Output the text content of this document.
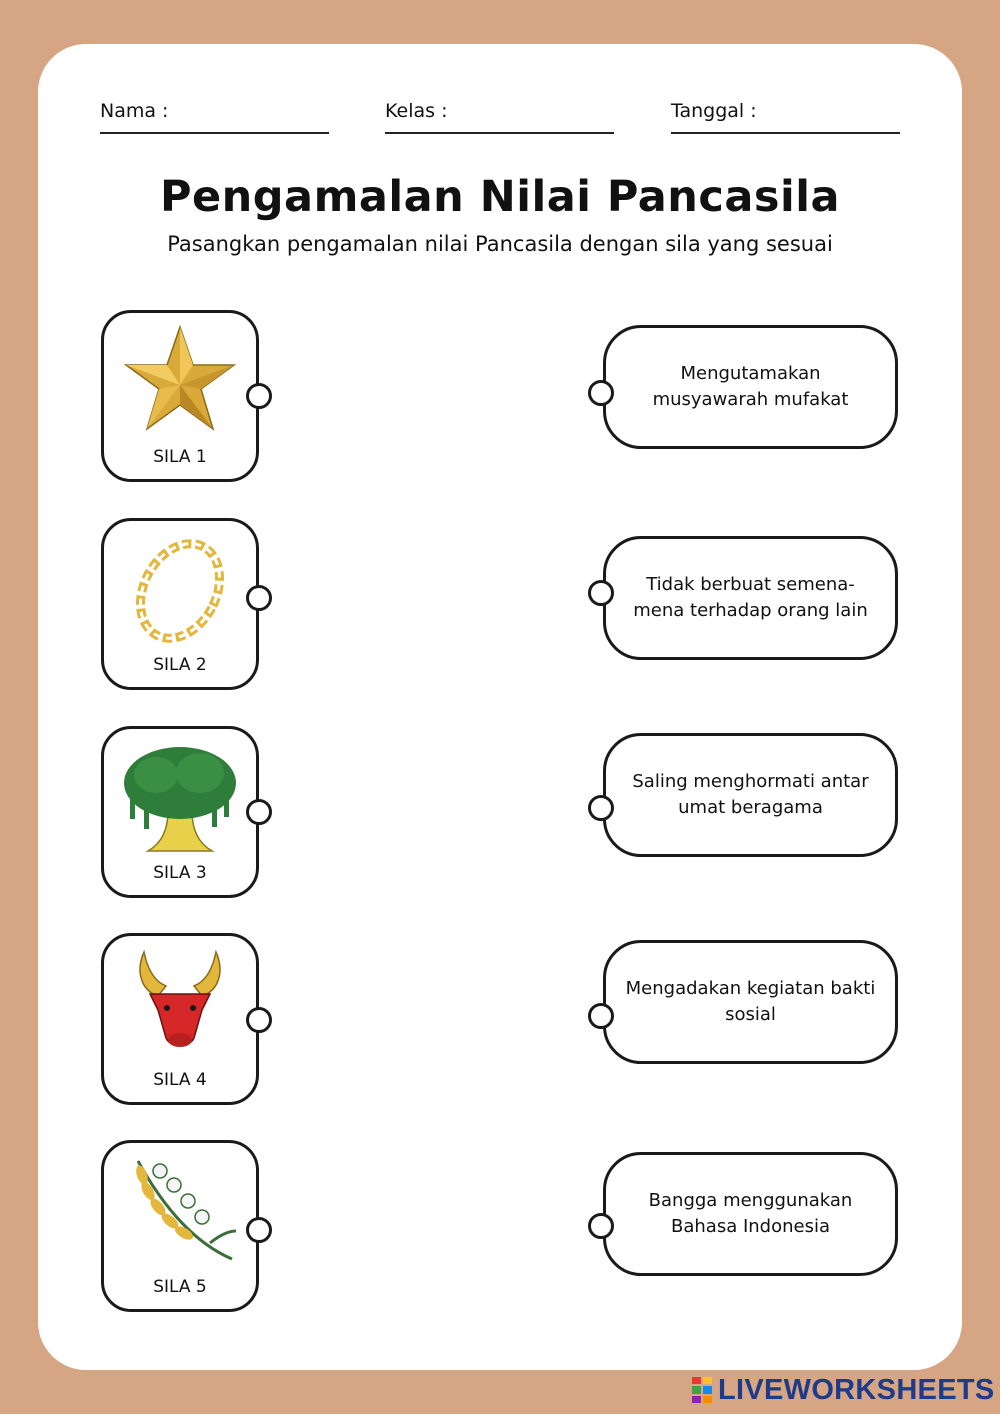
Nama :	Kelas :	Tanggal :
Pengamalan Nilai Pancasila
Pasangkan pengamalan nilai Pancasila dengan sila yang sesuai
SILA 1
SILA 2
SILA 3
SILA 4
SILA 5
Mengutamakan musyawarah mufakat
Tidak berbuat semena-mena terhadap orang lain
Saling menghormati antar umat beragama
Mengadakan kegiatan bakti sosial
Bangga menggunakan Bahasa Indonesia
LIVEWORKSHEETS
